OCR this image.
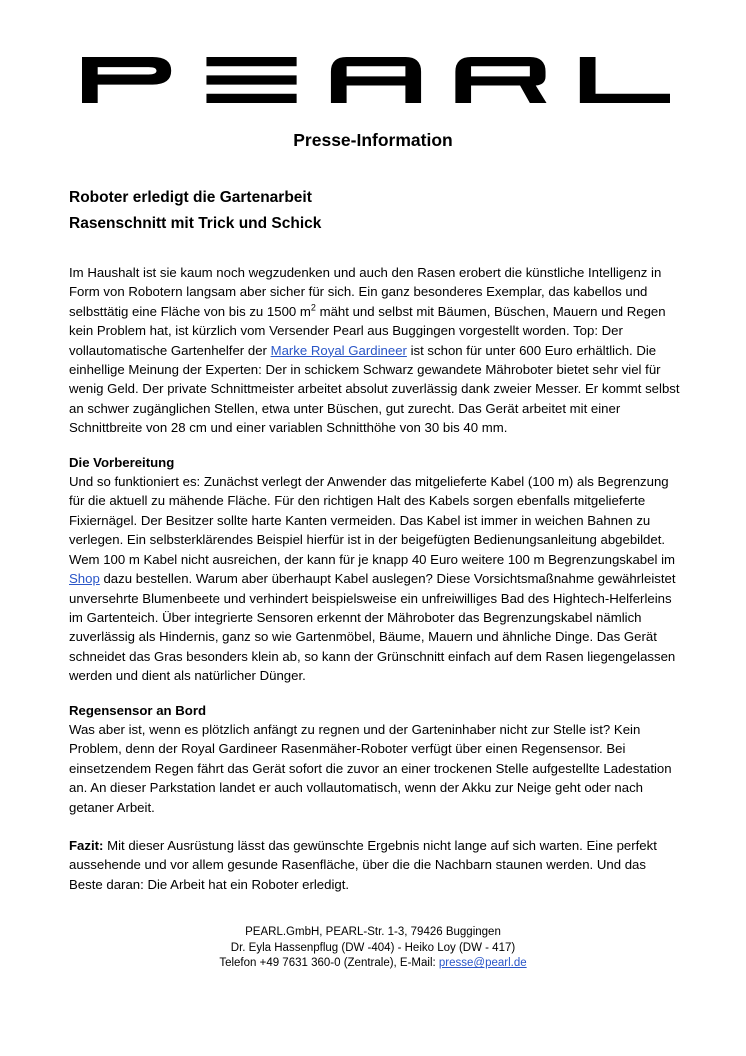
Presse-Information
Roboter erledigt die Gartenarbeit
Rasenschnitt mit Trick und Schick

Im Haushalt ist sie kaum noch wegzudenken und auch den Rasen erobert die künstliche Intelligenz in Form von Robotern langsam aber sicher für sich. Ein ganz besonderes Exemplar, das kabellos und selbsttätig eine Fläche von bis zu 1500 $m^2$ mäht und selbst mit Bäumen, Büschen, Mauern und Regen kein Problem hat, ist kürzlich vom Versender Pearl aus Buggingen vorgestellt worden. Top: Der vollautomatische Gartenhelfer der Marke Royal Gardineer ist schon für unter 600 Euro erhältlich. Die einhellige Meinung der Experten: Der in schickem Schwarz gewandete Mähroboter bietet sehr viel für wenig Geld. Der private Schnittmeister arbeitet absolut zuverlässig dank zweier Messer. Er kommt selbst an schwer zugänglichen Stellen, etwa unter Büschen, gut zurecht. Das Gerät arbeitet mit einer Schnittbreite von 28 cm und einer variablen Schnitthöhe von 30 bis 40 mm.

Die Vorbereitung

Und so funktioniert es: Zunächst verlegt der Anwender das mitgelieferte Kabel (100 m) als Begrenzung für die aktuell zu mähende Fläche. Für den richtigen Halt des Kabels sorgen ebenfalls mitgelieferte Fixiernägel. Der Besitzer sollte harte Kanten vermeiden. Das Kabel ist immer in weichen Bahnen zu verlegen. Ein selbsterklärendes Beispiel hierfür ist in der beigefügten Bedienungsanleitung abgebildet. Wem 100 m Kabel nicht ausreichen, der kann für je knapp 40 Euro weitere 100 m Begrenzungskabel im Shop dazu bestellen. Warum aber überhaupt Kabel auslegen? Diese Vorsichtsmaßnahme gewährleistet unversehrte Blumenbeete und verhindert beispielsweise ein unfreiwilliges Bad des Hightech-Helferleins im Gartenteich. Über integrierte Sensoren erkennt der Mähroboter das Begrenzungskabel nämlich zuverlässig als Hindernis, ganz so wie Gartenmöbel, Bäume, Mauern und ähnliche Dinge. Das Gerät schneidet das Gras besonders klein ab, so kann der Grünschnitt einfach auf dem Rasen liegengelassen werden und dient als natürlicher Dünger.

Regensensor an Bord

Was aber ist, wenn es plötzlich anfängt zu regnen und der Garteninhaber nicht zur Stelle ist? Kein Problem, denn der Royal Gardineer Rasenmäher-Roboter verfügt über einen Regensensor. Bei einsetzendem Regen fährt das Gerät sofort die zuvor an einer trockenen Stelle aufgestellte Ladestation an. An dieser Parkstation landet er auch vollautomatisch, wenn der Akku zur Neige geht oder nach getaner Arbeit.

Fazit: Mit dieser Ausrüstung lässt das gewünschte Ergebnis nicht lange auf sich warten. Eine perfekt aussehende und vor allem gesunde Rasenfläche, über die die Nachbarn staunen werden. Und das Beste daran: Die Arbeit hat ein Roboter erledigt.

PEARL.GmbH, PEARL-Str. 1-3, 79426 Buggingen
Dr. Eyla Hassenpflug (DW -404) - Heiko Loy (DW - 417)
Telefon +49 7631 360-0 (Zentrale), E-Mail: presse@pearl.de
